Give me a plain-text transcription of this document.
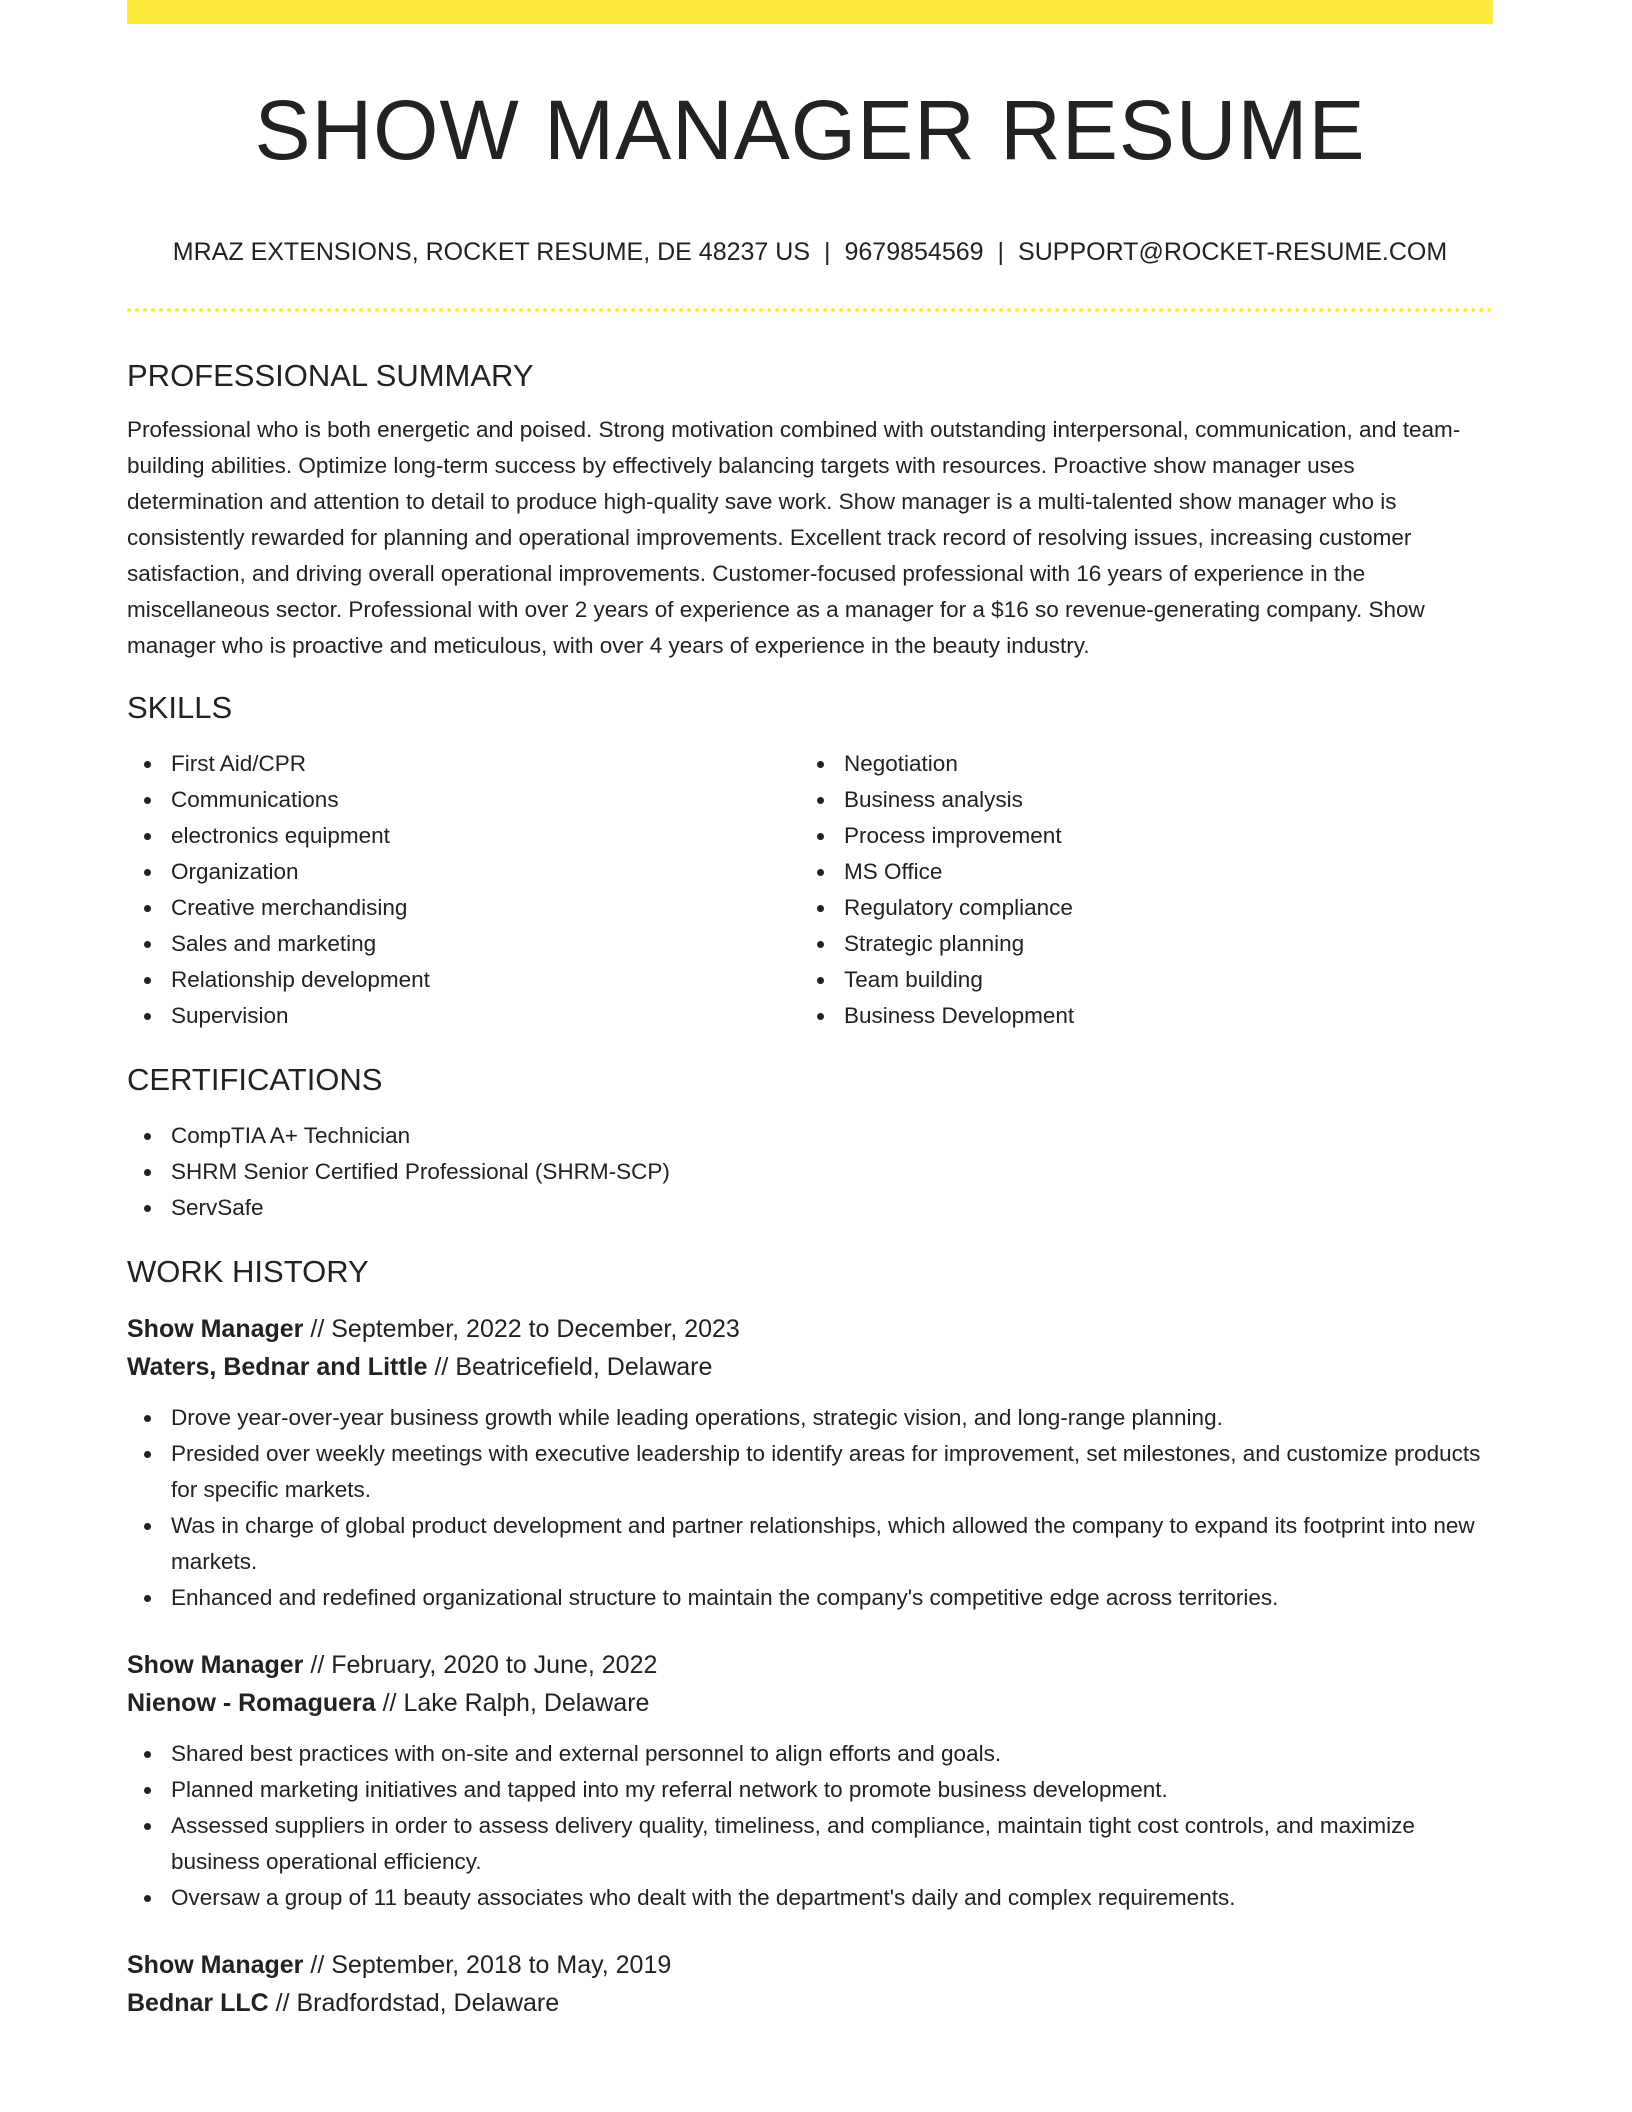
SHOW MANAGER RESUME
MRAZ EXTENSIONS, ROCKET RESUME, DE 48237 US | 9679854569 | SUPPORT@ROCKET-RESUME.COM
PROFESSIONAL SUMMARY

Professional who is both energetic and poised. Strong motivation combined with outstanding interpersonal, communication, and team-building abilities. Optimize long-term success by effectively balancing targets with resources. Proactive show manager uses determination and attention to detail to produce high-quality save work. Show manager is a multi-talented show manager who is consistently rewarded for planning and operational improvements. Excellent track record of resolving issues, increasing customer satisfaction, and driving overall operational improvements. Customer-focused professional with 16 years of experience in the miscellaneous sector. Professional with over 2 years of experience as a manager for a $16 so revenue-generating company. Show manager who is proactive and meticulous, with over 4 years of experience in the beauty industry.

SKILLS
First Aid/CPR
Communications
electronics equipment
Organization
Creative merchandising
Sales and marketing
Relationship development
Supervision
Negotiation
Business analysis
Process improvement
MS Office
Regulatory compliance
Strategic planning
Team building
Business Development
CERTIFICATIONS
CompTIA A+ Technician
SHRM Senior Certified Professional (SHRM-SCP)
ServSafe
WORK HISTORY
Show Manager // September, 2022 to December, 2023
Waters, Bednar and Little // Beatricefield, Delaware
Drove year-over-year business growth while leading operations, strategic vision, and long-range planning.
Presided over weekly meetings with executive leadership to identify areas for improvement, set milestones, and customize products for specific markets.
Was in charge of global product development and partner relationships, which allowed the company to expand its footprint into new markets.
Enhanced and redefined organizational structure to maintain the company's competitive edge across territories.
Show Manager // February, 2020 to June, 2022
Nienow - Romaguera // Lake Ralph, Delaware
Shared best practices with on-site and external personnel to align efforts and goals.
Planned marketing initiatives and tapped into my referral network to promote business development.
Assessed suppliers in order to assess delivery quality, timeliness, and compliance, maintain tight cost controls, and maximize business operational efficiency.
Oversaw a group of 11 beauty associates who dealt with the department's daily and complex requirements.
Show Manager // September, 2018 to May, 2019
Bednar LLC // Bradfordstad, Delaware
